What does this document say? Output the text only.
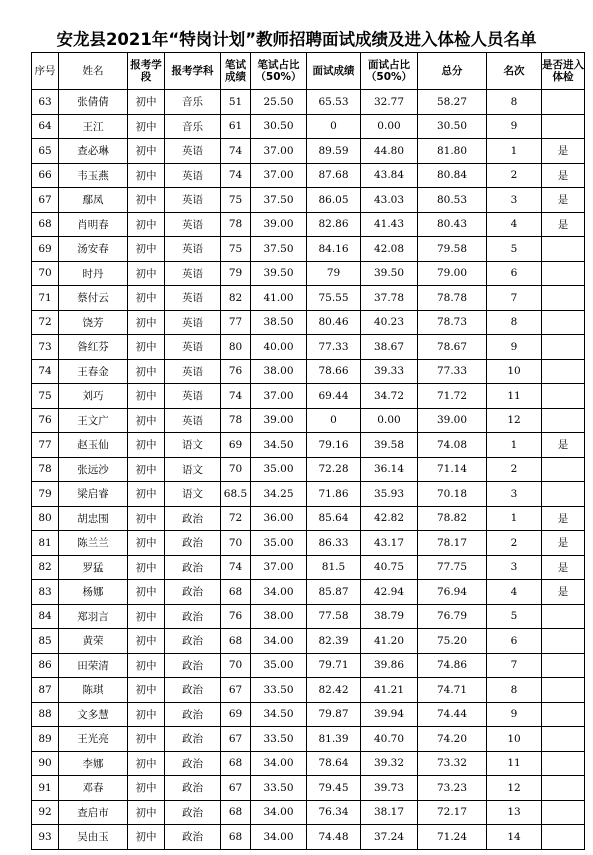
安龙县2021年“特岗计划”教师招聘面试成绩及进入体检人员名单
序号	姓名	报考学段	报考学科	笔试成绩	笔试占比（50%）	面试成绩	面试占比（50%）	总分	名次	是否进入体检
63	张倩倩	初中	音乐	51	25.50	65.53	32.77	58.27	8	
64	王江	初中	音乐	61	30.50	0	0.00	30.50	9	
65	查必琳	初中	英语	74	37.00	89.59	44.80	81.80	1	是
66	韦玉燕	初中	英语	74	37.00	87.68	43.84	80.84	2	是
67	鄢凤	初中	英语	75	37.50	86.05	43.03	80.53	3	是
68	肖明春	初中	英语	78	39.00	82.86	41.43	80.43	4	是
69	汤安春	初中	英语	75	37.50	84.16	42.08	79.58	5	
70	时丹	初中	英语	79	39.50	79	39.50	79.00	6	
71	蔡付云	初中	英语	82	41.00	75.55	37.78	78.78	7	
72	饶芳	初中	英语	77	38.50	80.46	40.23	78.73	8	
73	昝红芬	初中	英语	80	40.00	77.33	38.67	78.67	9	
74	王春金	初中	英语	76	38.00	78.66	39.33	77.33	10	
75	刘巧	初中	英语	74	37.00	69.44	34.72	71.72	11	
76	王文广	初中	英语	78	39.00	0	0.00	39.00	12	
77	赵玉仙	初中	语文	69	34.50	79.16	39.58	74.08	1	是
78	张远沙	初中	语文	70	35.00	72.28	36.14	71.14	2	
79	梁启睿	初中	语文	68.5	34.25	71.86	35.93	70.18	3	
80	胡忠围	初中	政治	72	36.00	85.64	42.82	78.82	1	是
81	陈兰兰	初中	政治	70	35.00	86.33	43.17	78.17	2	是
82	罗猛	初中	政治	74	37.00	81.5	40.75	77.75	3	是
83	杨娜	初中	政治	68	34.00	85.87	42.94	76.94	4	是
84	郑羽言	初中	政治	76	38.00	77.58	38.79	76.79	5	
85	黄荣	初中	政治	68	34.00	82.39	41.20	75.20	6	
86	田荣清	初中	政治	70	35.00	79.71	39.86	74.86	7	
87	陈琪	初中	政治	67	33.50	82.42	41.21	74.71	8	
88	文多慧	初中	政治	69	34.50	79.87	39.94	74.44	9	
89	王光亮	初中	政治	67	33.50	81.39	40.70	74.20	10	
90	李娜	初中	政治	68	34.00	78.64	39.32	73.32	11	
91	邓春	初中	政治	67	33.50	79.45	39.73	73.23	12	
92	查启市	初中	政治	68	34.00	76.34	38.17	72.17	13	
93	吴由玉	初中	政治	68	34.00	74.48	37.24	71.24	14	
